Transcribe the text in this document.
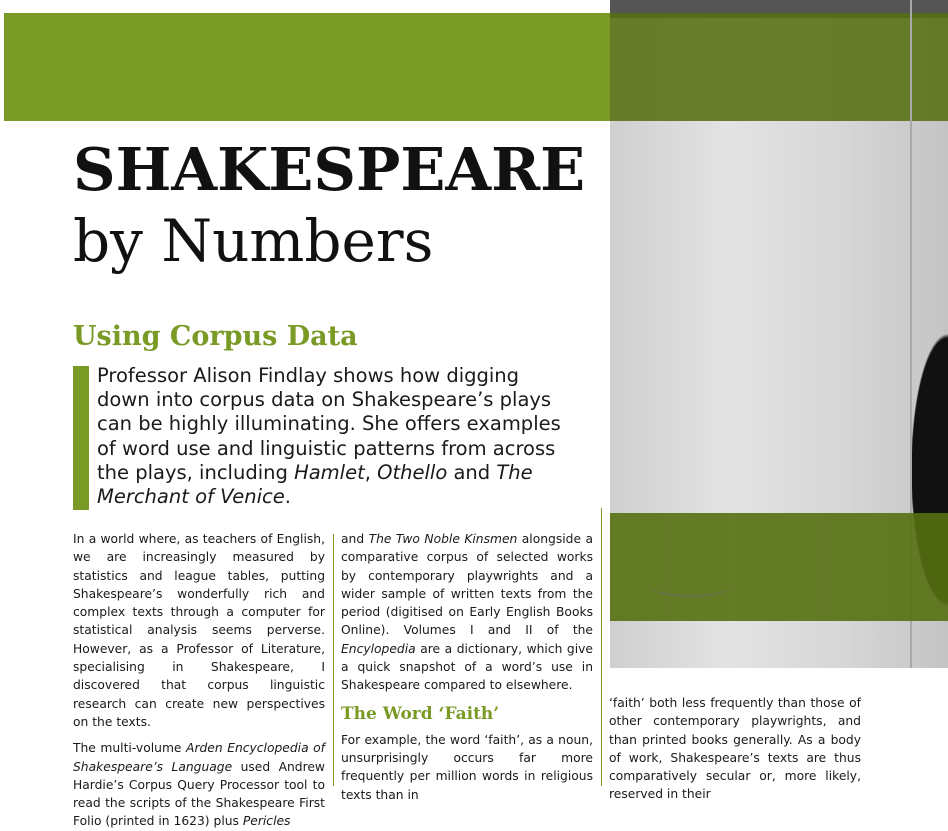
SHAKESPEARE
by Numbers
Using Corpus Data

Professor Alison Findlay shows how digging down into corpus data on Shakespeare’s plays can be highly illuminating. She offers examples of word use and linguistic patterns from across the plays, including Hamlet, Othello and The Merchant of Venice.

In a world where, as teachers of English, we are increasingly measured by statistics and league tables, putting Shakespeare’s wonderfully rich and complex texts through a computer for statistical analysis seems perverse. However, as a Professor of Literature, specialising in Shakespeare, I discovered that corpus linguistic research can create new perspectives on the texts.

The multi-volume Arden Encyclopedia of Shakespeare’s Language used Andrew Hardie’s Corpus Query Processor tool to read the scripts of the Shakespeare First Folio (printed in 1623) plus Pericles

and The Two Noble Kinsmen alongside a comparative corpus of selected works by contemporary playwrights and a wider sample of written texts from the period (digitised on Early English Books Online). Volumes I and II of the Encylopedia are a dictionary, which give a quick snapshot of a word’s use in Shakespeare compared to elsewhere.

The Word ‘Faith’

For example, the word ‘faith’, as a noun, unsurprisingly occurs far more frequently per million words in religious texts than in

‘faith’ both less frequently than those of other contemporary playwrights, and than printed books generally. As a body of work, Shakespeare’s texts are thus comparatively secular or, more likely, reserved in their
